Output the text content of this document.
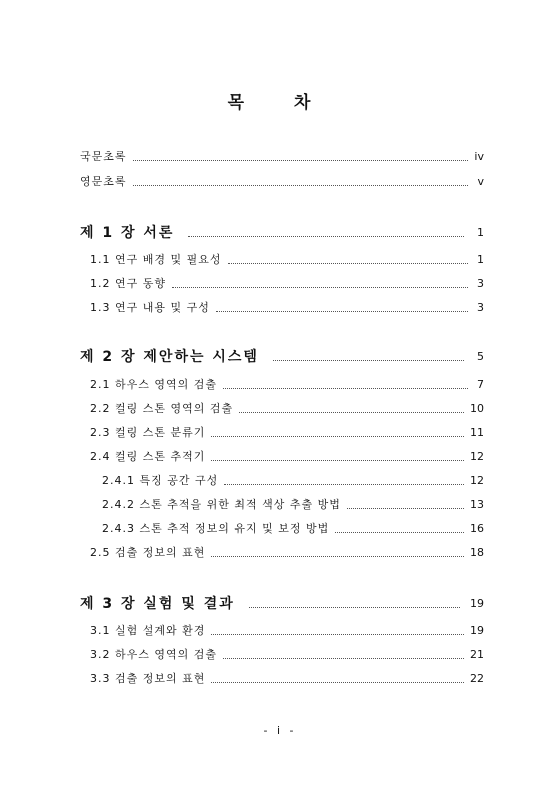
목 차
국문초록	iv
영문초록	v
제 1 장 서론	1
1.1 연구 배경 및 필요성	1
1.2 연구 동향	3
1.3 연구 내용 및 구성	3
제 2 장 제안하는 시스템	5
2.1 하우스 영역의 검출	7
2.2 컬링 스톤 영역의 검출	10
2.3 컬링 스톤 분류기	11
2.4 컬링 스톤 추적기	12
2.4.1 특징 공간 구성	12
2.4.2 스톤 추적을 위한 최적 색상 추출 방법	13
2.4.3 스톤 추적 정보의 유지 및 보정 방법	16
2.5 검출 정보의 표현	18
제 3 장 실험 및 결과	19
3.1 실험 설계와 환경	19
3.2 하우스 영역의 검출	21
3.3 검출 정보의 표현	22
- i -
